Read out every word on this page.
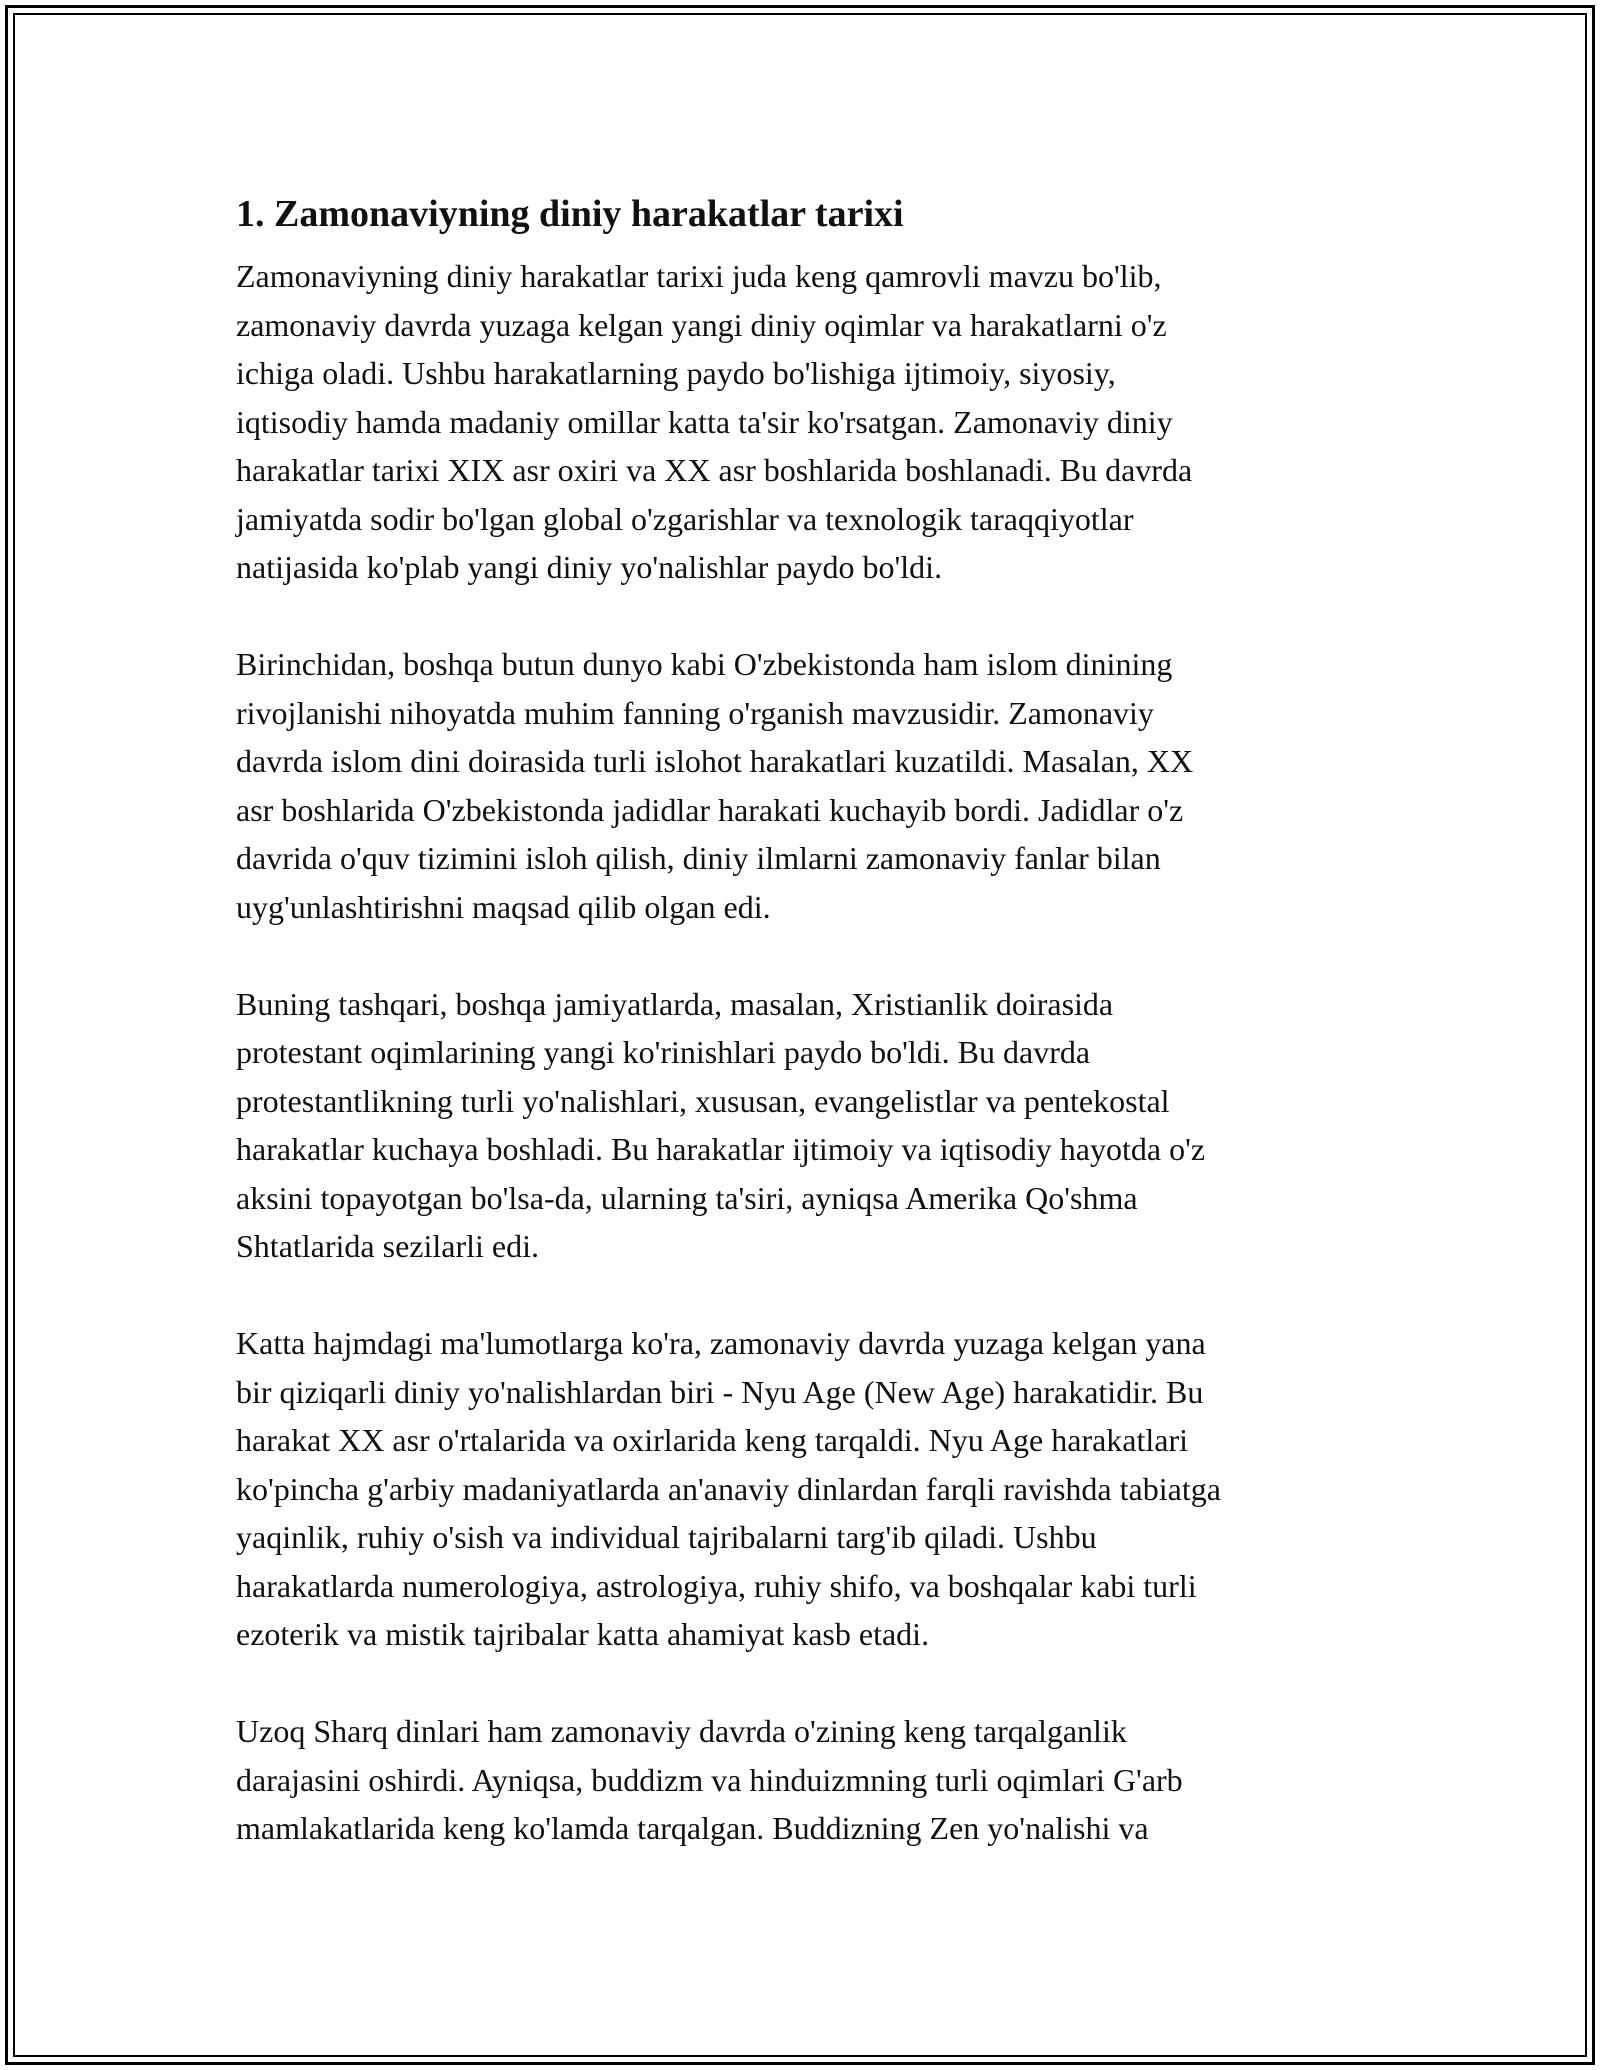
1. Zamonaviyning diniy harakatlar tarixi

Zamonaviyning diniy harakatlar tarixi juda keng qamrovli mavzu bo'lib,
zamonaviy davrda yuzaga kelgan yangi diniy oqimlar va harakatlarni o'z
ichiga oladi. Ushbu harakatlarning paydo bo'lishiga ijtimoiy, siyosiy,
iqtisodiy hamda madaniy omillar katta ta'sir ko'rsatgan. Zamonaviy diniy
harakatlar tarixi XIX asr oxiri va XX asr boshlarida boshlanadi. Bu davrda
jamiyatda sodir bo'lgan global o'zgarishlar va texnologik taraqqiyotlar
natijasida ko'plab yangi diniy yo'nalishlar paydo bo'ldi.

Birinchidan, boshqa butun dunyo kabi O'zbekistonda ham islom dinining
rivojlanishi nihoyatda muhim fanning o'rganish mavzusidir. Zamonaviy
davrda islom dini doirasida turli islohot harakatlari kuzatildi. Masalan, XX
asr boshlarida O'zbekistonda jadidlar harakati kuchayib bordi. Jadidlar o'z
davrida o'quv tizimini isloh qilish, diniy ilmlarni zamonaviy fanlar bilan
uyg'unlashtirishni maqsad qilib olgan edi.

Buning tashqari, boshqa jamiyatlarda, masalan, Xristianlik doirasida
protestant oqimlarining yangi ko'rinishlari paydo bo'ldi. Bu davrda
protestantlikning turli yo'nalishlari, xususan, evangelistlar va pentekostal
harakatlar kuchaya boshladi. Bu harakatlar ijtimoiy va iqtisodiy hayotda o'z
aksini topayotgan bo'lsa-da, ularning ta'siri, ayniqsa Amerika Qo'shma
Shtatlarida sezilarli edi.

Katta hajmdagi ma'lumotlarga ko'ra, zamonaviy davrda yuzaga kelgan yana
bir qiziqarli diniy yo'nalishlardan biri - Nyu Age (New Age) harakatidir. Bu
harakat XX asr o'rtalarida va oxirlarida keng tarqaldi. Nyu Age harakatlari
ko'pincha g'arbiy madaniyatlarda an'anaviy dinlardan farqli ravishda tabiatga
yaqinlik, ruhiy o'sish va individual tajribalarni targ'ib qiladi. Ushbu
harakatlarda numerologiya, astrologiya, ruhiy shifo, va boshqalar kabi turli
ezoterik va mistik tajribalar katta ahamiyat kasb etadi.

Uzoq Sharq dinlari ham zamonaviy davrda o'zining keng tarqalganlik
darajasini oshirdi. Ayniqsa, buddizm va hinduizmning turli oqimlari G'arb
mamlakatlarida keng ko'lamda tarqalgan. Buddizning Zen yo'nalishi va
